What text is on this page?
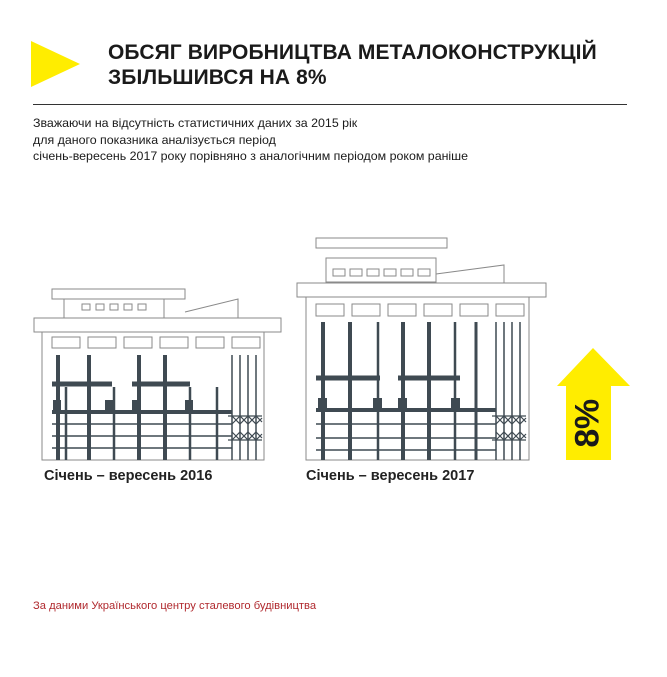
ОБСЯГ ВИРОБНИЦТВА МЕТАЛОКОНСТРУКЦІЙ
ЗБІЛЬШИВСЯ НА 8%
Зважаючи на відсутність статистичних даних за 2015 рік
для даного показника аналізується період
січень-вересень 2017 року порівняно з аналогічним періодом роком раніше
Січень – вересень 2016	Січень – вересень 2017
8%
За даними Українського центру сталевого будівництва
